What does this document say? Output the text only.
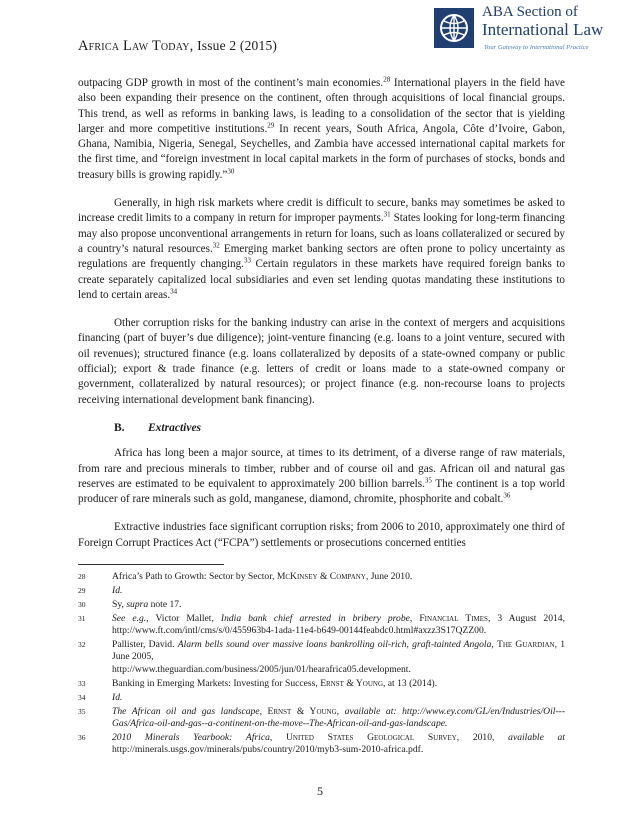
Africa Law Today, Issue 2 (2015)
ABA Section of
International Law
Your Gateway to International Practice

outpacing GDP growth in most of the continent’s main economies.$^{28}$ International players in the field have also been expanding their presence on the continent, often through acquisitions of local financial groups. This trend, as well as reforms in banking laws, is leading to a consolidation of the sector that is yielding larger and more competitive institutions.$^{29}$ In recent years, South Africa, Angola, Côte d’Ivoire, Gabon, Ghana, Namibia, Nigeria, Senegal, Seychelles, and Zambia have accessed international capital markets for the first time, and “foreign investment in local capital markets in the form of purchases of stocks, bonds and treasury bills is growing rapidly.”$^{30}$

Generally, in high risk markets where credit is difficult to secure, banks may sometimes be asked to increase credit limits to a company in return for improper payments.$^{31}$ States looking for long-term financing may also propose unconventional arrangements in return for loans, such as loans collateralized or secured by a country’s natural resources.$^{32}$ Emerging market banking sectors are often prone to policy uncertainty as regulations are frequently changing.$^{33}$ Certain regulators in these markets have required foreign banks to create separately capitalized local subsidiaries and even set lending quotas mandating these institutions to lend to certain areas.$^{34}$

Other corruption risks for the banking industry can arise in the context of mergers and acquisitions financing (part of buyer’s due diligence); joint-venture financing (e.g. loans to a joint venture, secured with oil revenues); structured finance (e.g. loans collateralized by deposits of a state-owned company or public official); export & trade finance (e.g. letters of credit or loans made to a state-owned company or government, collateralized by natural resources); or project finance (e.g. non-recourse loans to projects receiving international development bank financing).

B. Extractives

Africa has long been a major source, at times to its detriment, of a diverse range of raw materials, from rare and precious minerals to timber, rubber and of course oil and gas. African oil and natural gas reserves are estimated to be equivalent to approximately 200 billion barrels.$^{35}$ The continent is a top world producer of rare minerals such as gold, manganese, diamond, chromite, phosphorite and cobalt.$^{36}$

Extractive industries face significant corruption risks; from 2006 to 2010, approximately one third of Foreign Corrupt Practices Act (“FCPA”) settlements or prosecutions concerned entities

28	Africa’s Path to Growth: Sector by Sector, McKinsey & Company, June 2010.
29	Id.
30	Sy, supra note 17.
31	See e.g., Victor Mallet, India bank chief arrested in bribery probe, Financial Times, 3 August 2014, http://www.ft.com/intl/cms/s/0/455963b4-1ada-11e4-b649-00144feabdc0.html#axzz3S17QZZ00.
32	Pallister, David. Alarm bells sound over massive loans bankrolling oil-rich, graft-tainted Angola, The Guardian, 1 June 2005,
http://www.theguardian.com/business/2005/jun/01/hearafrica05.development.
33	Banking in Emerging Markets: Investing for Success, Ernst & Young, at 13 (2014).
34	Id.
35	The African oil and gas landscape, Ernst & Young, available at: http://www.ey.com/GL/en/Industries/Oil---Gas/Africa-oil-and-gas--a-continent-on-the-move--The-African-oil-and-gas-landscape.
36	2010 Minerals Yearbook: Africa, United States Geological Survey, 2010, available at http://minerals.usgs.gov/minerals/pubs/country/2010/myb3-sum-2010-africa.pdf.
5
